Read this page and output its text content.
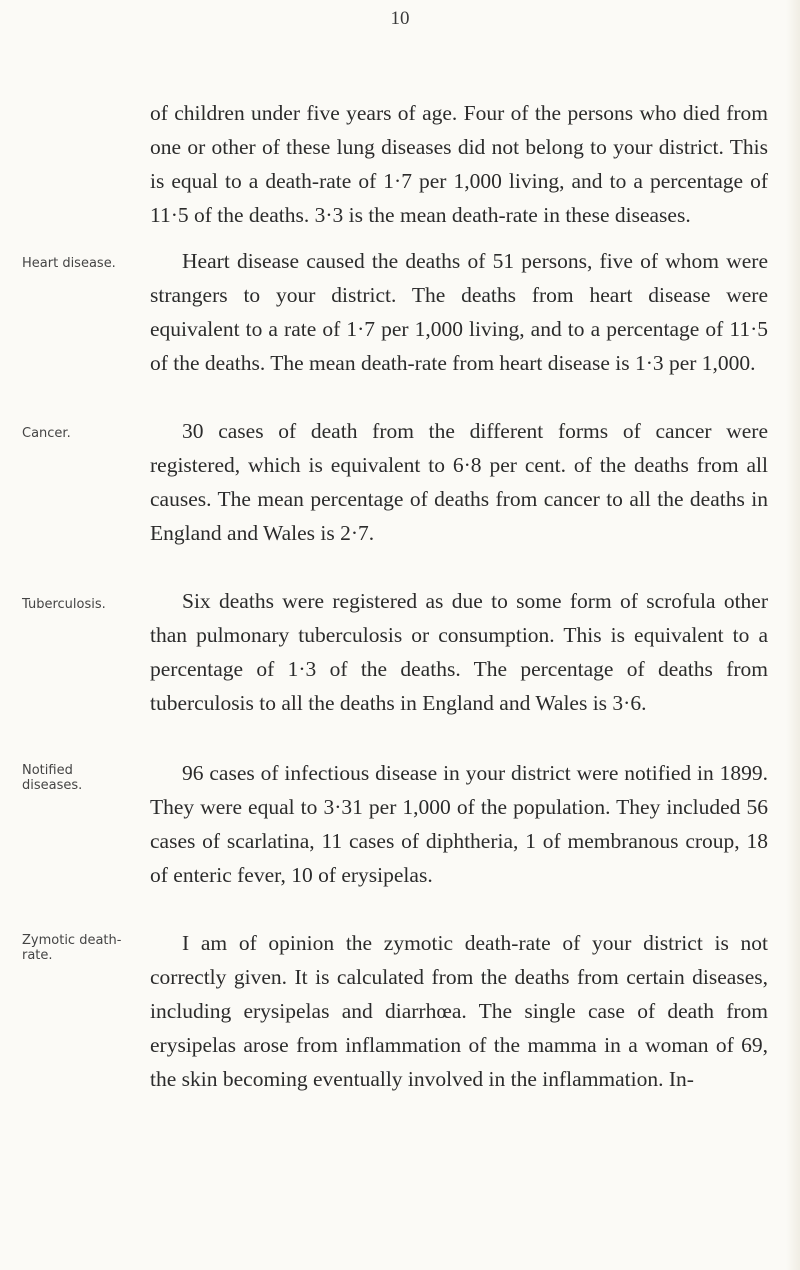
10

of children under five years of age. Four of the persons who died from one or other of these lung diseases did not belong to your district. This is equal to a death-rate of 1·7 per 1,000 living, and to a percentage of 11·5 of the deaths. 3·3 is the mean death-rate in these diseases.

Heart disease.	Heart disease caused the deaths of 51 persons, five of whom were strangers to your district. The deaths from heart disease were equivalent to a rate of 1·7 per 1,000 living, and to a percentage of 11·5 of the deaths. The mean death-rate from heart disease is 1·3 per 1,000.

Cancer.	30 cases of death from the different forms of cancer were registered, which is equivalent to 6·8 per cent. of the deaths from all causes. The mean percentage of deaths from cancer to all the deaths in England and Wales is 2·7.

Tuberculosis.	Six deaths were registered as due to some form of scrofula other than pulmonary tuberculosis or consumption. This is equivalent to a percentage of 1·3 of the deaths. The percentage of deaths from tuberculosis to all the deaths in England and Wales is 3·6.

Notified diseases.

96 cases of infectious disease in your district were notified in 1899. They were equal to 3·31 per 1,000 of the population. They included 56 cases of scarlatina, 11 cases of diphtheria, 1 of membranous croup, 18 of enteric fever, 10 of erysipelas.

Zymotic death-rate.

I am of opinion the zymotic death-rate of your district is not correctly given. It is calculated from the deaths from certain diseases, including erysipelas and diarrhœa. The single case of death from erysipelas arose from inflammation of the mamma in a woman of 69, the skin becoming eventually involved in the inflammation. In-
